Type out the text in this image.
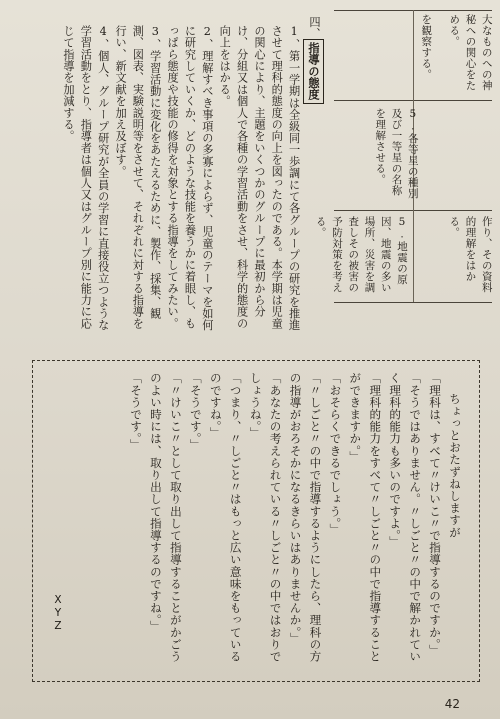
大なものへの神秘への関心をためる。
を観察する。
5.各等星の種別及び一等星の名称を理解させる。
作り、その資料的理解をはかる。
5.地震の原因、地震の多い場所、災害を調査しその被害の予防対策を考える。
四、指導の態度
1、第一学期は全級同一歩調にて各グループの研究を推進させて理科的態度の向上を図ったのである。本学期は児童の関心により、主題をいくつかのグループに最初から分け、分組又は個人で各種の学習活動をさせ、科学的態度の向上をはかる。
2、理解すべき事項の多寡によらず、児童のテーマを如何に研究していくか、どのような技能を養うかに着眼し、もっぱら態度や技能の修得を対象とする指導をしてみたい。
3、学習活動に変化をあたえるために、製作、採集、観測、図表、実験説明等をさせて、それぞれに対する指導を行い、新文献を加え及ぼす。
4、個人、グループ研究が全員の学習に直接役立つような学習活動をとり、指導者は個人又はグループ別に能力に応じて指導を加減する。
ちょっとおたずねしますが
「理科は、すべて〃けいこ〃で指導するのですか。」
「そうではありません。〃しごと〃の中で解かれていく理科的能力も多いのですよ。」
「理科的能力をすべて〃しごと〃の中で指導することができますか。」
「おそらくできるでしょう。」
「〃しごと〃の中で指導するようにしたら、理科の方の指導がおろそかになるきらいはありませんか。」
「あなたの考えられている〃しごと〃の中ではおりでしょうね。」
「つまり、〃しごと〃はもっと広い意味をもっているのですね。」
「そうです。」
「〃けいこ〃として取り出して指導することがかごうのよい時には、取り出して指導するのですね。」
「そうです。」
XYZ
42
